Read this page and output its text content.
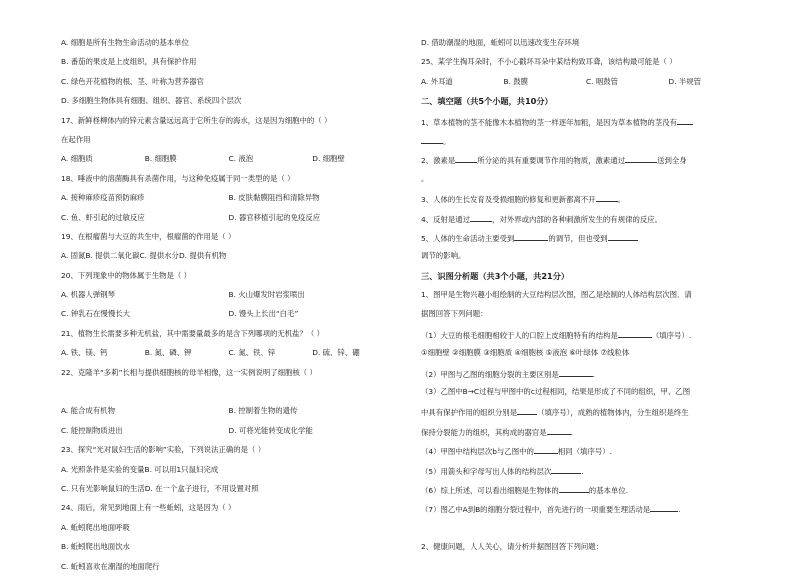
A. 细胞是所有生物生命活动的基本单位
B. 番茄的果皮是上皮组织，具有保护作用
C. 绿色开花植物的根、茎、叶称为营养器官
D. 多细胞生物体具有细胞、组织、器官、系统四个层次
17、新鲜柽柳体内的锌元素含量远远高于它所生存的海水，这是因为细胞中的（ ）
在起作用
A. 细胞质	B. 细胞膜	C. 液泡	D. 细胞壁
18、唾液中的溶菌酶具有杀菌作用，与这种免疫属于同一类型的是（ ）
A. 接种麻疹疫苗预防麻疹	B. 皮肤黏膜阻挡和清除异物
C. 鱼、虾引起的过敏反应	D. 器官移植引起的免疫反应
19、在根瘤菌与大豆的共生中，根瘤菌的作用是（ ）
A. 固氮B. 提供二氧化碳C. 提供水分D. 提供有机物
20、下列现象中的物体属于生物是（ ）
A. 机器人弹钢琴	B. 火山爆发时岩浆喷出
C. 钟乳石在慢慢长大	D. 馒头上长出“白毛”
21、植物生长需要多种无机盐，其中需要量最多的是含下列哪项的无机盐？（ ）
A. 铁、镁、钙	B. 氮、磷、钾	C. 氮、铁、锌	D. 硫、锌、硼
22、克隆羊“多莉”长相与提供细胞核的母羊相像，这一实例说明了细胞核（ ）
A. 能合成有机物	B. 控制着生物的遗传
C. 能控制物质进出	D. 可将光能转变成化学能
23、探究“光对鼠妇生活的影响”实验，下列说法正确的是（ ）
A. 光照条件是实验的变量B. 可以用1只鼠妇完成
C. 只有光影响鼠妇的生活D. 在一个盒子进行，不用设置对照
24、雨后，常见到地面上有一些蚯蚓，这是因为（ ）
A. 蚯蚓爬出地面呼吸
B. 蚯蚓爬出地面饮水
C. 蚯蚓喜欢在潮湿的地面爬行
D. 借助潮湿的地面，蚯蚓可以迅速改变生存环境
25、某学生掏耳朵时，不小心戳坏耳朵中某结构致耳聋，该结构最可能是（ ）
A. 外耳道	B. 鼓膜	C. 咽鼓管	D. 半规管
二、填空题（共5个小题，共10分）
1、草本植物的茎不能像木本植物的茎一样逐年加粗，是因为草本植物的茎没有
。
2、激素是	所分泌的具有重要调节作用的物质，激素通过	送到全身
。
3、人体的生长发育及受损细胞的修复和更新都离不开	。
4、反射是通过	，对外界或内部的各种刺激所发生的有规律的反应。
5、人体的生命活动主要受到	的调节，但也受到
调节的影响。
三、识图分析题（共3个小题，共21分）
1、图甲是生物兴趣小组绘制的大豆结构层次图，图乙是绘制的人体结构层次图．请
据图回答下列问题：
（1）大豆的根毛细胞相较于人的口腔上皮细胞特有的结构是	（填序号）.
①细胞壁 ②细胞膜 ③细胞质 ④细胞核 ⑤液泡 ⑥叶绿体 ⑦线粒体
（2）甲图与乙图的细胞分裂的主要区别是	.
（3）乙图中B→C过程与甲图中的c过程相同，结果是形成了不同的组织，甲、乙图
中具有保护作用的组织分别是	（填序号），成熟的植物体内，分生组织是终生
保持分裂能力的组织，其构成的器官是	.
（4）甲图中结构层次b与乙图中的	相同（填序号）.
（5）用箭头和字母写出人体的结构层次	.
（6）综上所述，可以看出细胞是生物体的	的基本单位.
（7）图乙中A到B的细胞分裂过程中，首先进行的一项重要生理活动是	.
2、健康问题，人人关心，请分析并据图回答下列问题：
